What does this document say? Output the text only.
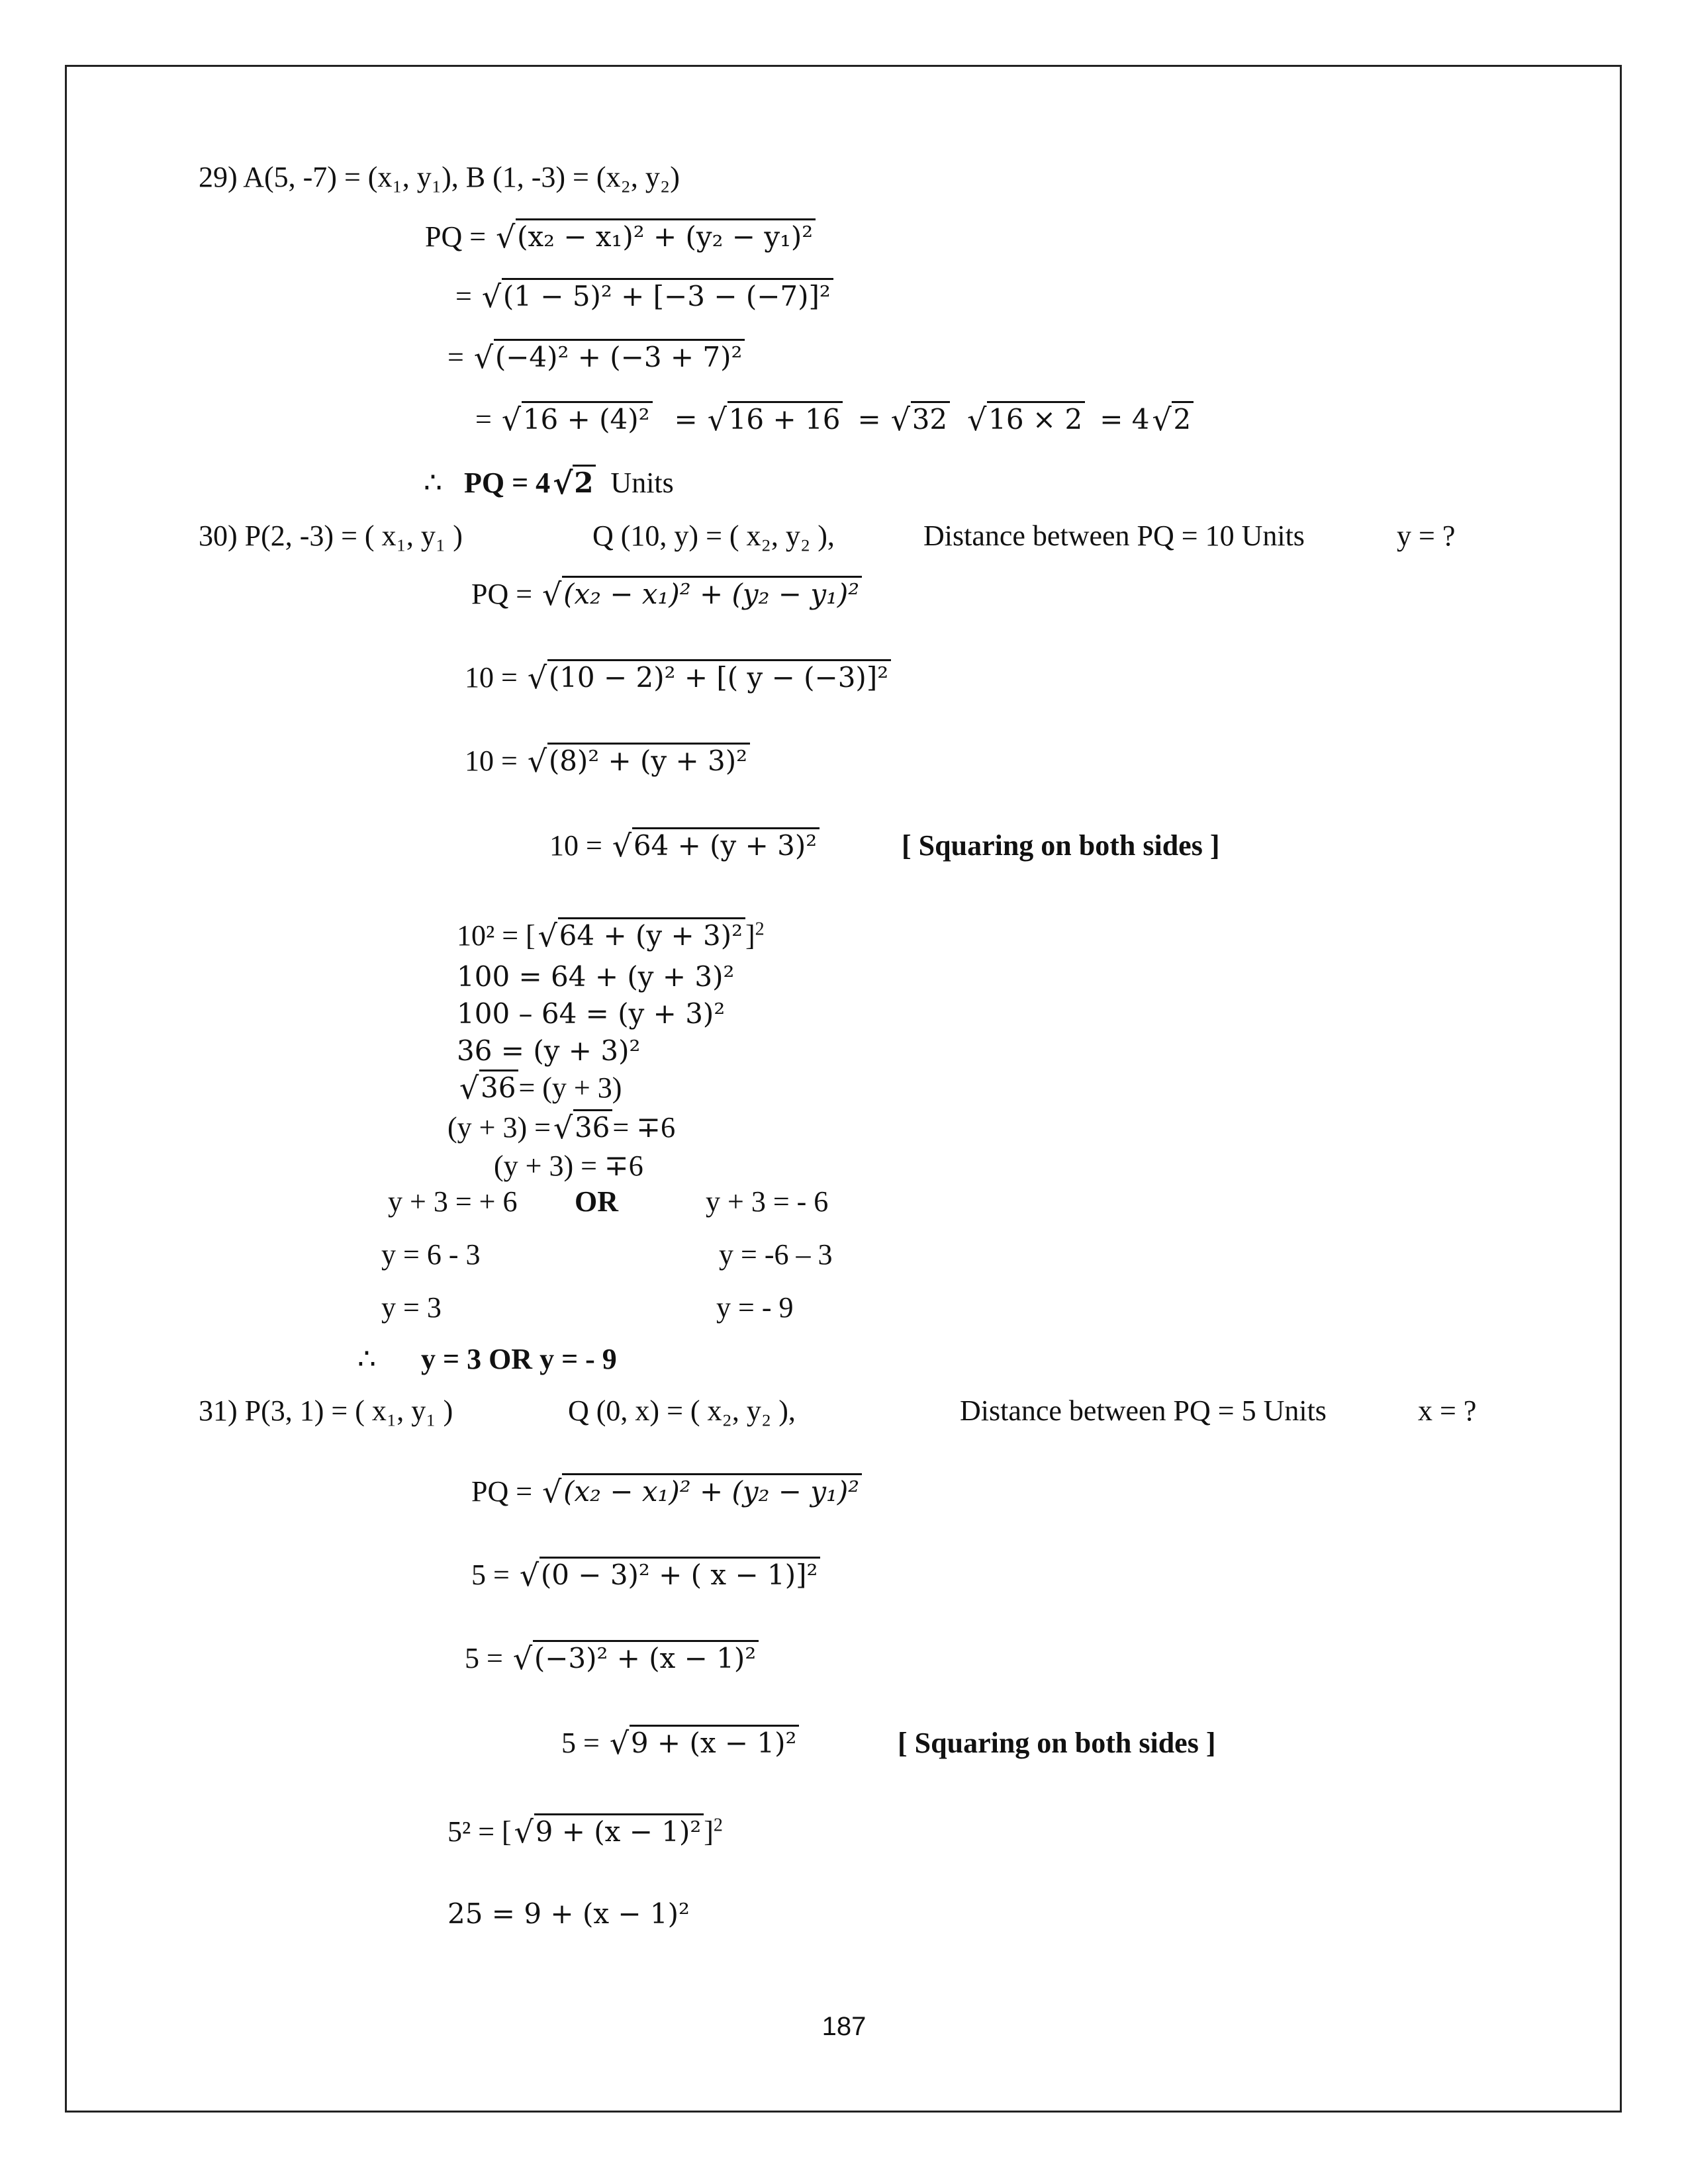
29) A(5, -7) = (x₁, y₁), B (1, -3) = (x₂, y₂)
PQ = √ (x₂ − x₁)² + (y₂ − y₁)²
= √ (1 − 5)² + [−3 − (−7)]²
= √ (−4)² + (−3 + 7)²
= √ 16 + (4)² = √ 16 + 16 = √ 32 √ 16 × 2 = 4 √ 2
∴ PQ = 4 √ 2 Units
30) P(2, -3) = ( x₁, y₁ )	Q (10, y) = ( x₂, y₂ ),	Distance between PQ = 10 Units	y = ?
PQ = √ (x₂ − x₁)² + (y₂ − y₁)²
10 = √ (10 − 2)² + [( y − (−3)]²
10 = √ (8)² + (y + 3)²
10 = √ 64 + (y + 3)²	[ Squaring on both sides ]
10² = [ √ 64 + (y + 3)²]$^2$
100 = 64 + (y + 3)²
100 – 64 = (y + 3)²
36 = (y + 3)²
√ 36= (y + 3)
(y + 3) = √ 36= ∓6
(y + 3) = ∓6
y + 3 = + 6 OR	y + 3 = - 6
y = 6 - 3	y = -6 – 3
y = 3	y = - 9
∴ y = 3 OR y = - 9
31) P(3, 1) = ( x₁, y₁ )	Q (0, x) = ( x₂, y₂ ),	Distance between PQ = 5 Units	x = ?
PQ = √ (x₂ − x₁)² + (y₂ − y₁)²
5 = √ (0 − 3)² + ( x − 1)]²
5 = √ (−3)² + (x − 1)²
5 = √ 9 + (x − 1)²	[ Squaring on both sides ]
5² = [ √ 9 + (x − 1)²]$^2$
25 = 9 + (x − 1)²
187
